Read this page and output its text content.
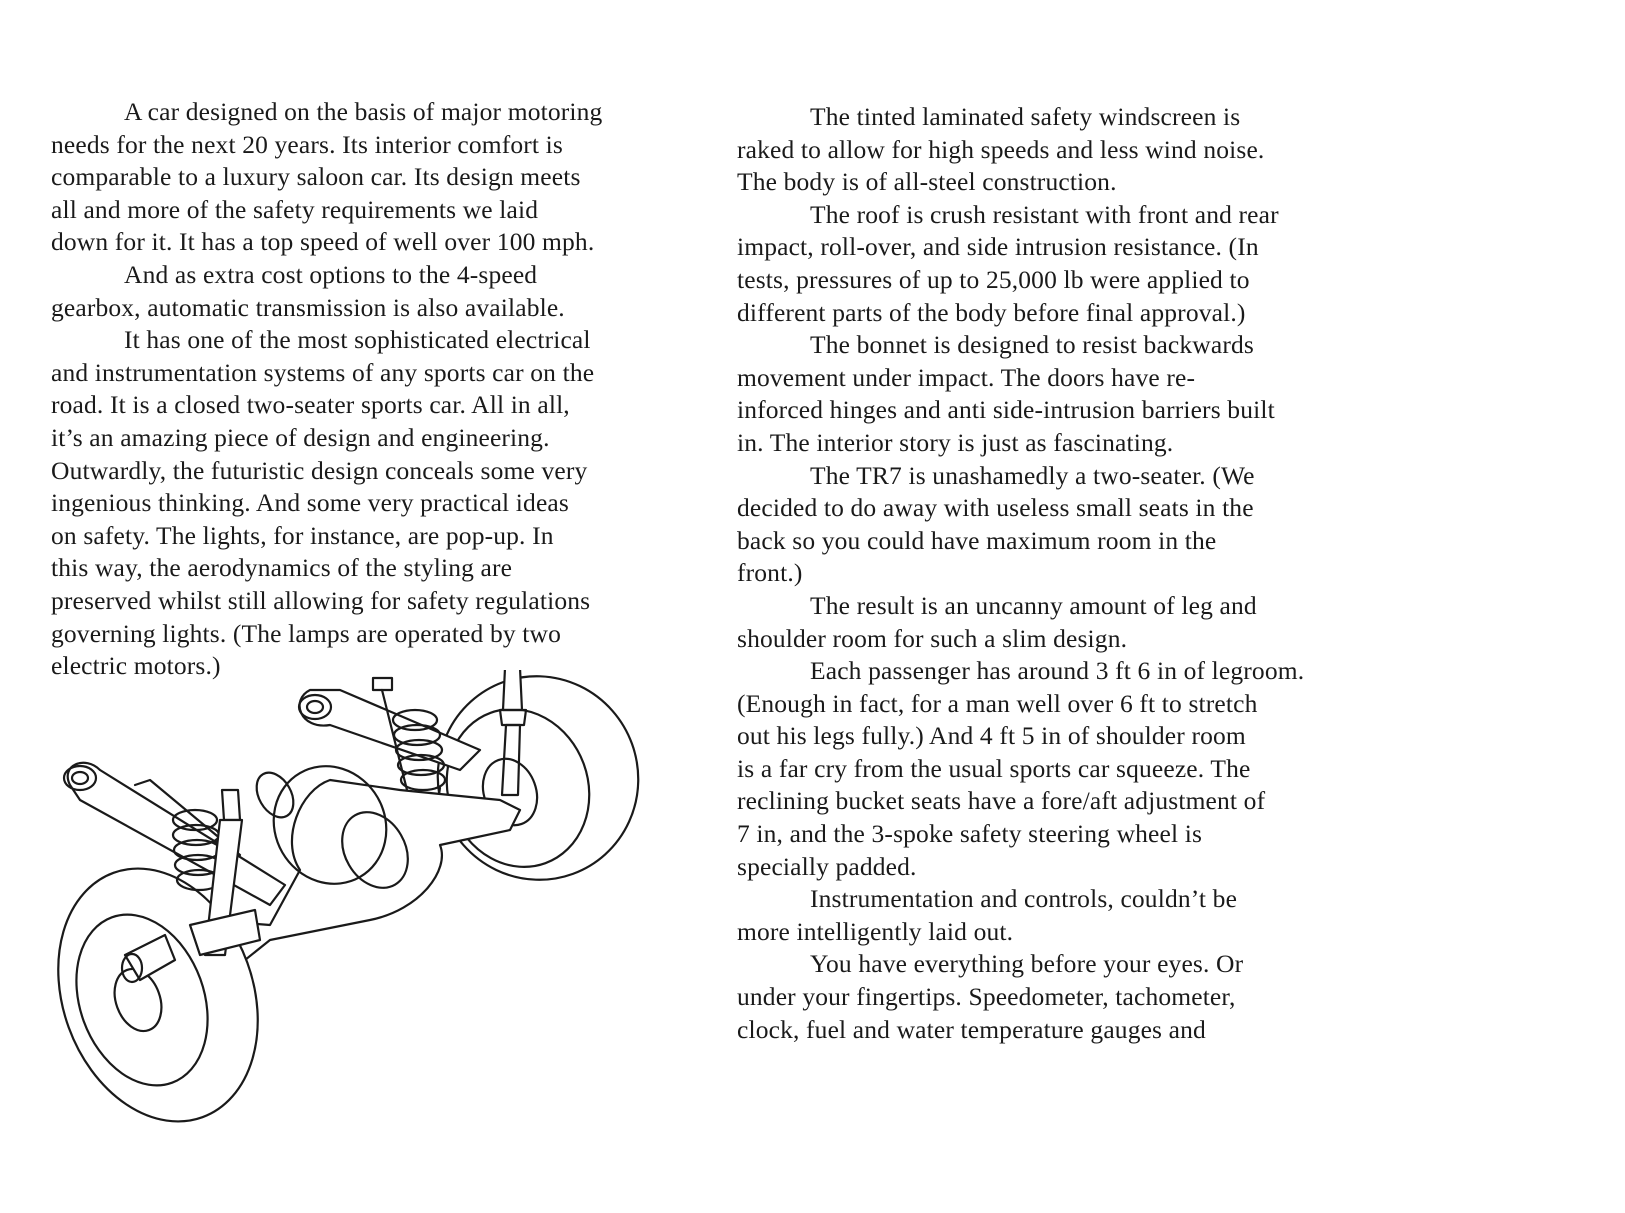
A car designed on the basis of major motoring
needs for the next 20 years. Its interior comfort is
comparable to a luxury saloon car. Its design meets
all and more of the safety requirements we laid
down for it. It has a top speed of well over 100 mph.
And as extra cost options to the 4-speed
gearbox, automatic transmission is also available.
It has one of the most sophisticated electrical
and instrumentation systems of any sports car on the
road. It is a closed two-seater sports car. All in all,
it’s an amazing piece of design and engineering.
Outwardly, the futuristic design conceals some very
ingenious thinking. And some very practical ideas
on safety. The lights, for instance, are pop-up. In
this way, the aerodynamics of the styling are
preserved whilst still allowing for safety regulations
governing lights. (The lamps are operated by two
electric motors.)
The tinted laminated safety windscreen is
raked to allow for high speeds and less wind noise.
The body is of all-steel construction.
The roof is crush resistant with front and rear
impact, roll-over, and side intrusion resistance. (In
tests, pressures of up to 25,000 lb were applied to
different parts of the body before final approval.)
The bonnet is designed to resist backwards
movement under impact. The doors have re-
inforced hinges and anti side-intrusion barriers built
in. The interior story is just as fascinating.
The TR7 is unashamedly a two-seater. (We
decided to do away with useless small seats in the
back so you could have maximum room in the
front.)
The result is an uncanny amount of leg and
shoulder room for such a slim design.
Each passenger has around 3 ft 6 in of legroom.
(Enough in fact, for a man well over 6 ft to stretch
out his legs fully.) And 4 ft 5 in of shoulder room
is a far cry from the usual sports car squeeze. The
reclining bucket seats have a fore/aft adjustment of
7 in, and the 3-spoke safety steering wheel is
specially padded.
Instrumentation and controls, couldn’t be
more intelligently laid out.
You have everything before your eyes. Or
under your fingertips. Speedometer, tachometer,
clock, fuel and water temperature gauges and
